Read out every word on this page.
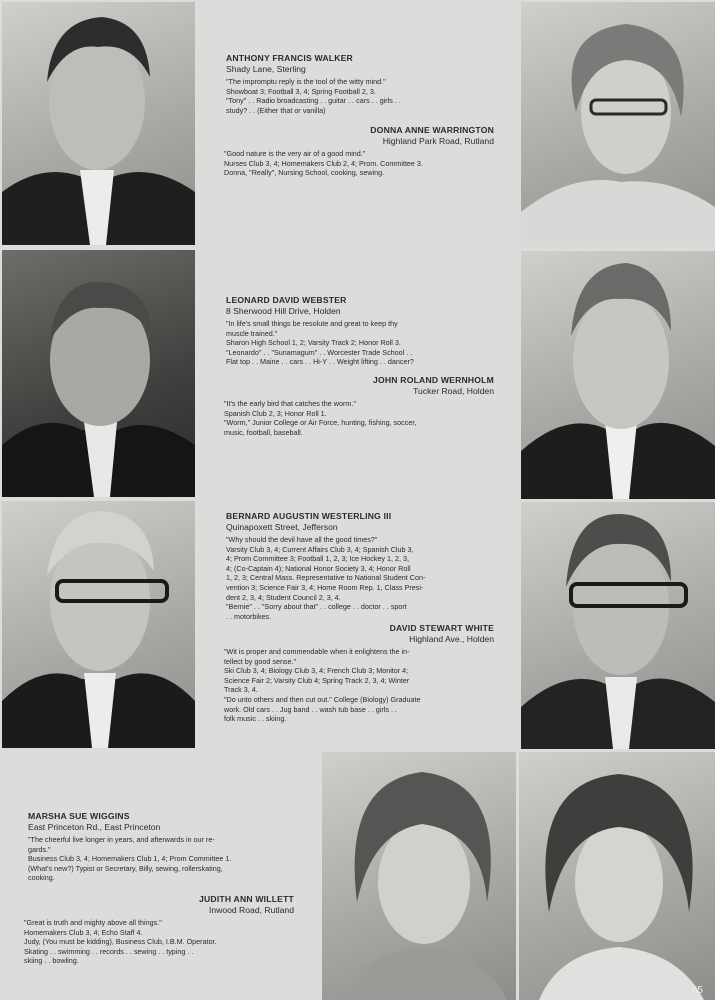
ANTHONY FRANCIS WALKER
Shady Lane, Sterling

"The impromptu reply is the tool of the witty mind."

Showboat 3; Football 3, 4; Spring Football 2, 3.

"Tony" . . Radio broadcasting . . guitar . . cars . . girls . .

study? . . (Either that or vanilla)

DONNA ANNE WARRINGTON
Highland Park Road, Rutland

"Good nature is the very air of a good mind."

Nurses Club 3, 4; Homemakers Club 2, 4; Prom. Committee 3.

Donna, "Really", Nursing School, cooking, sewing.

LEONARD DAVID WEBSTER
8 Sherwood Hill Drive, Holden

"In life's small things be resolute and great to keep thy

muscle trained."

Sharon High School 1, 2; Varsity Track 2; Honor Roll 3.

"Leonardo" . . "Sunamagum" . . Worcester Trade School . .

Flat top . . Maine . . cars . . Hi-Y . . Weight lifting . . dancer?

JOHN ROLAND WERNHOLM
Tucker Road, Holden

"It's the early bird that catches the worm."

Spanish Club 2, 3; Honor Roll 1.

"Worm," Junior College or Air Force, hunting, fishing, soccer,

music, football, baseball.

BERNARD AUGUSTIN WESTERLING III
Quinapoxett Street, Jefferson

"Why should the devil have all the good times?"

Varsity Club 3, 4; Current Affairs Club 3, 4; Spanish Club 3,

4; Prom Committee 3; Football 1, 2, 3; Ice Hockey 1, 2, 3,

4; (Co-Captain 4); National Honor Society 3, 4; Honor Roll

1, 2, 3; Central Mass. Representative to National Student Con-

vention 3; Science Fair 3, 4; Home Room Rep. 1, Class Presi-

dent 2, 3, 4; Student Council 2, 3, 4.

"Bernie" . . "Sorry about that" . . college . . doctor . . sport

. . motorbikes.

DAVID STEWART WHITE
Highland Ave., Holden

"Wit is proper and commendable when it enlightens the in-

tellect by good sense."

Ski Club 3, 4; Biology Club 3, 4; French Club 3; Monitor 4;

Science Fair 2; Varsity Club 4; Spring Track 2, 3, 4; Winter

Track 3, 4.

"Do unto others and then cut out." College (Biology) Graduate

work. Old cars . . Jug band . . wash tub base . . girls . .

folk music . . skiing.

MARSHA SUE WIGGINS
East Princeton Rd., East Princeton

"The cheerful live longer in years, and afterwards in our re-

gards."

Business Club 3, 4; Homemakers Club 1, 4; Prom Committee 1.

(What's new?) Typist or Secretary, Billy, sewing, rollerskating,

cooking.

JUDITH ANN WILLETT
Inwood Road, Rutland

"Great is truth and mighty above all things."

Homemakers Club 3, 4; Echo Staff 4.

Judy, (You must be kidding), Business Club, I.B.M. Operator.

Skating . . swimming . . records . . sewing . . typing . .

skiing . . bowling.

65
